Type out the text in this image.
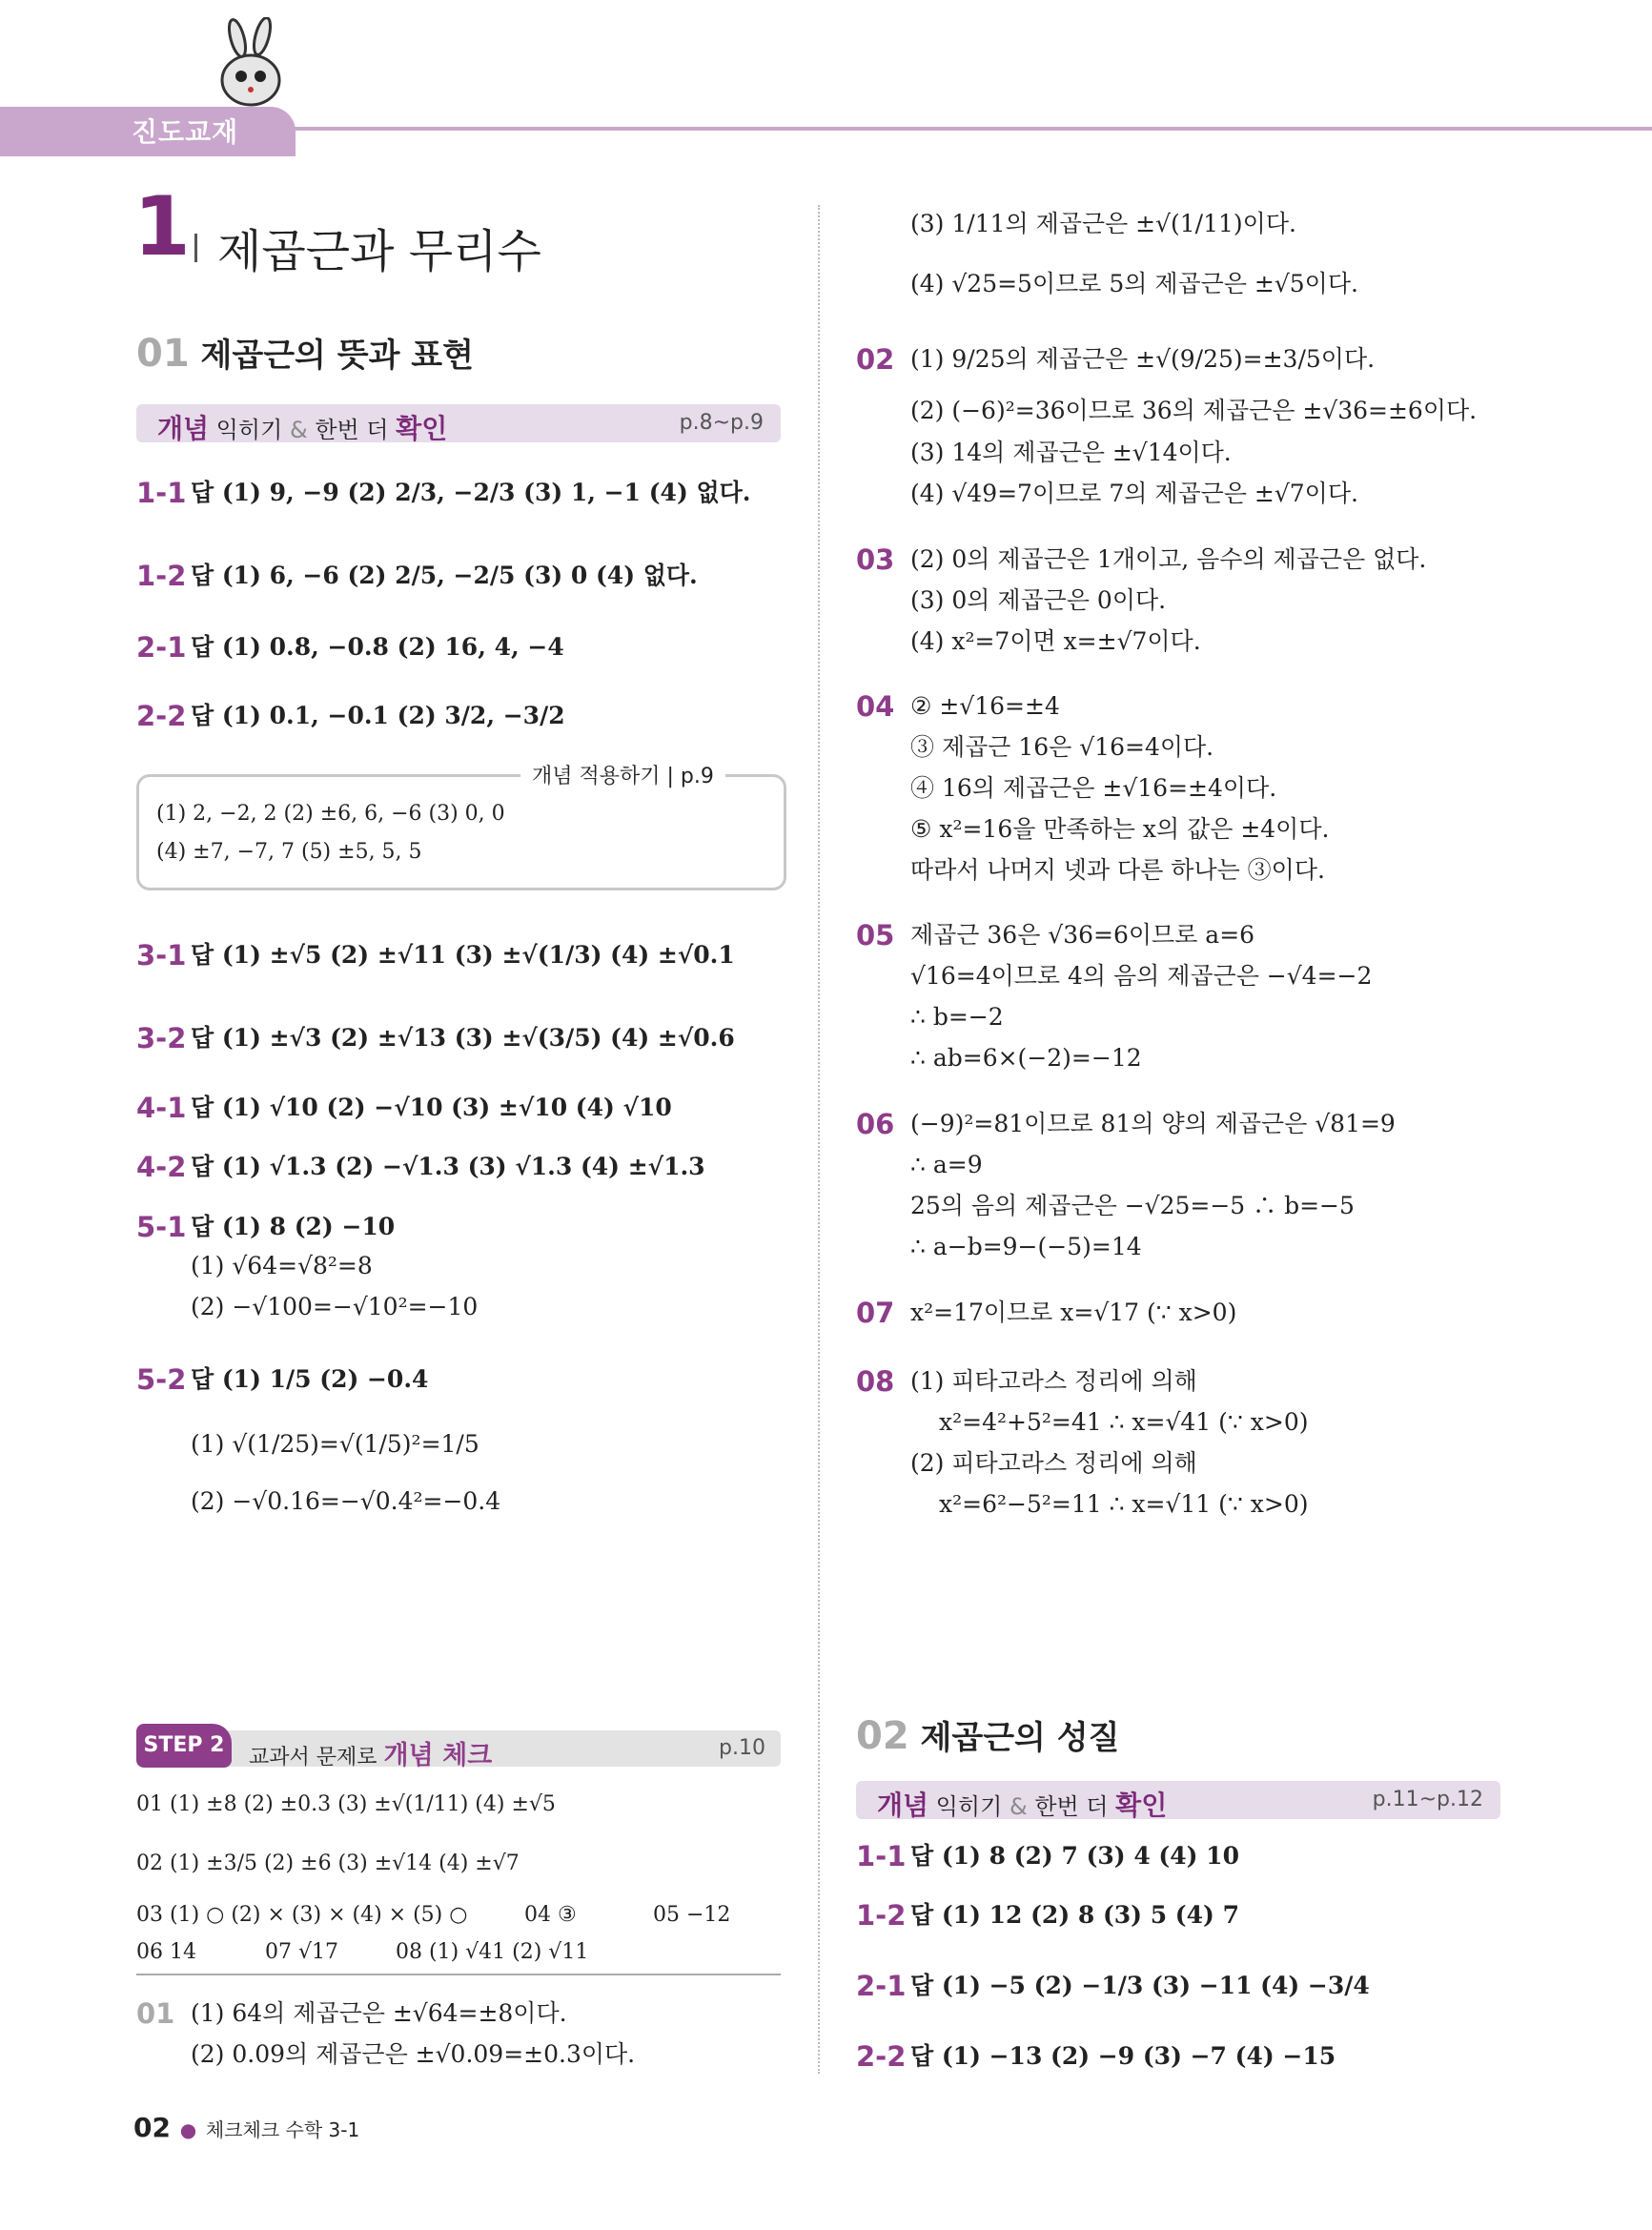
진도교재
1 제곱근과 무리수
01 제곱근의 뜻과 표현
개념 익히기 & 한번 더 확인	p.8~p.9
1-1 답 (1) 9, −9 (2) 2/3, −2/3 (3) 1, −1 (4) 없다.
1-2 답 (1) 6, −6 (2) 2/5, −2/5 (3) 0 (4) 없다.
2-1 답 (1) 0.8, −0.8 (2) 16, 4, −4
2-2 답 (1) 0.1, −0.1 (2) 3/2, −3/2
개념 적용하기 | p.9
(1) 2, −2, 2 (2) ±6, 6, −6 (3) 0, 0
(4) ±7, −7, 7 (5) ±5, 5, 5
3-1 답 (1) ±√5 (2) ±√11 (3) ±√(1/3) (4) ±√0.1
3-2 답 (1) ±√3 (2) ±√13 (3) ±√(3/5) (4) ±√0.6
4-1 답 (1) √10 (2) −√10 (3) ±√10 (4) √10
4-2 답 (1) √1.3 (2) −√1.3 (3) √1.3 (4) ±√1.3
5-1 답 (1) 8 (2) −10
(1) √64=√8²=8
(2) −√100=−√10²=−10
5-2 답 (1) 1/5 (2) −0.4
(1) √(1/25)=√(1/5)²=1/5
(2) −√0.16=−√0.4²=−0.4
교과서 문제로 개념 체크	p.10
STEP 2
01 (1) ±8 (2) ±0.3 (3) ±√(1/11) (4) ±√5
02 (1) ±3/5 (2) ±6 (3) ±√14 (4) ±√7
03 (1) ○ (2) × (3) × (4) × (5) ○	04 ③	05 −12
06 14	07 √17	08 (1) √41 (2) √11
01 (1) 64의 제곱근은 ±√64=±8이다.
(2) 0.09의 제곱근은 ±√0.09=±0.3이다.
02 ● 체크체크 수학 3-1
(3) 1/11의 제곱근은 ±√(1/11)이다.
(4) √25=5이므로 5의 제곱근은 ±√5이다.
02 (1) 9/25의 제곱근은 ±√(9/25)=±3/5이다.
(2) (−6)²=36이므로 36의 제곱근은 ±√36=±6이다.
(3) 14의 제곱근은 ±√14이다.
(4) √49=7이므로 7의 제곱근은 ±√7이다.
03 (2) 0의 제곱근은 1개이고, 음수의 제곱근은 없다.
(3) 0의 제곱근은 0이다.
(4) x²=7이면 x=±√7이다.
04 ② ±√16=±4
③ 제곱근 16은 √16=4이다.
④ 16의 제곱근은 ±√16=±4이다.
⑤ x²=16을 만족하는 x의 값은 ±4이다.
따라서 나머지 넷과 다른 하나는 ③이다.
05 제곱근 36은 √36=6이므로 a=6
√16=4이므로 4의 음의 제곱근은 −√4=−2
∴ b=−2
∴ ab=6×(−2)=−12
06 (−9)²=81이므로 81의 양의 제곱근은 √81=9
∴ a=9
25의 음의 제곱근은 −√25=−5 ∴ b=−5
∴ a−b=9−(−5)=14
07 x²=17이므로 x=√17 (∵ x>0)
08 (1) 피타고라스 정리에 의해
x²=4²+5²=41 ∴ x=√41 (∵ x>0)
(2) 피타고라스 정리에 의해
x²=6²−5²=11 ∴ x=√11 (∵ x>0)
02 제곱근의 성질
개념 익히기 & 한번 더 확인	p.11~p.12
1-1 답 (1) 8 (2) 7 (3) 4 (4) 10
1-2 답 (1) 12 (2) 8 (3) 5 (4) 7
2-1 답 (1) −5 (2) −1/3 (3) −11 (4) −3/4
2-2 답 (1) −13 (2) −9 (3) −7 (4) −15
